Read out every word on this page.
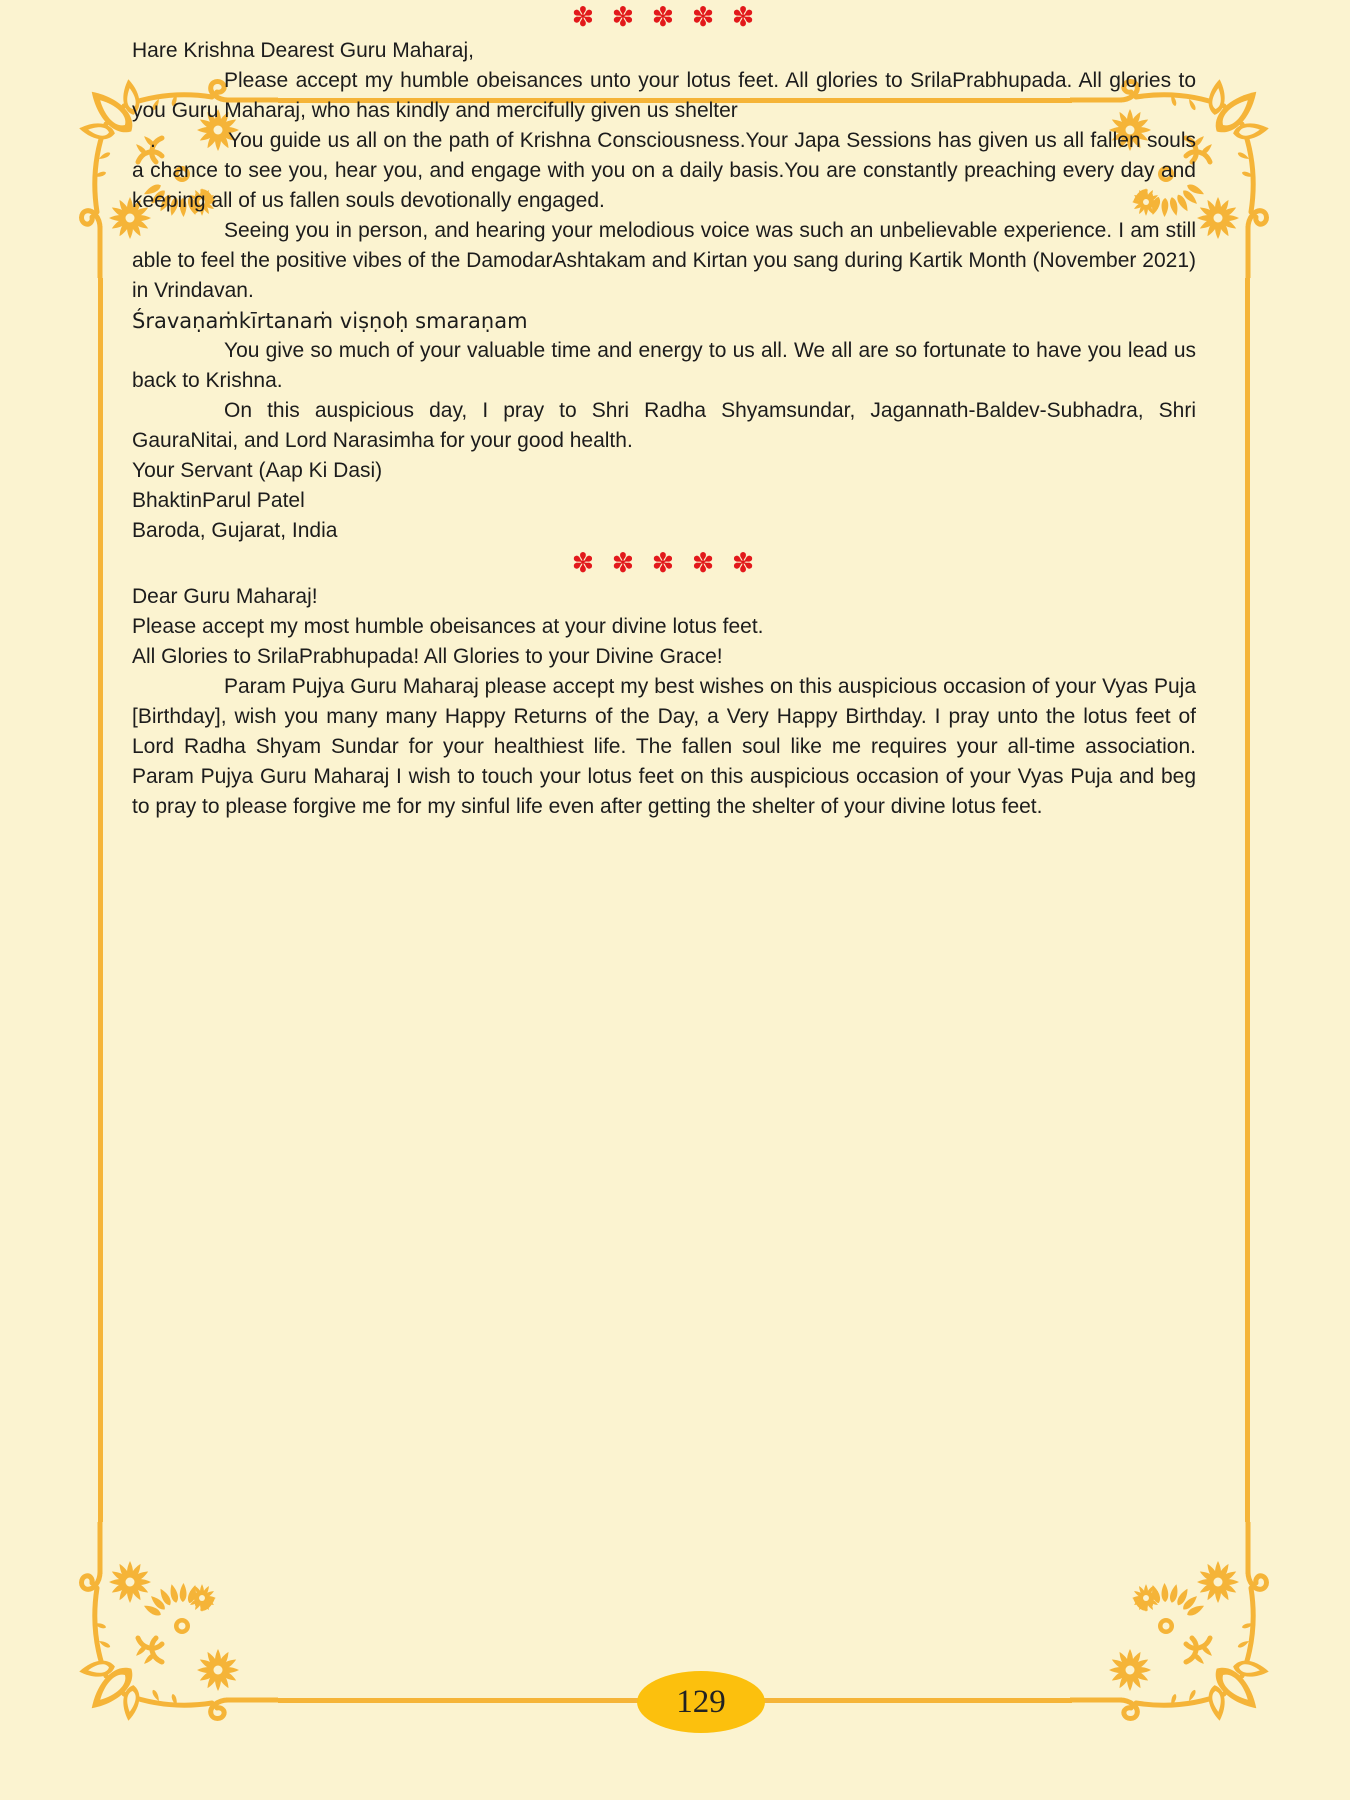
✽ ✽ ✽ ✽ ✽

Hare Krishna Dearest Guru Maharaj,

Please accept my humble obeisances unto your lotus feet. All glories to SrilaPrabhupada. All glories to you Guru Maharaj, who has kindly and mercifully given us shelter

.	You guide us all on the path of Krishna Consciousness.Your Japa Sessions has given us all fallen souls a chance to see you, hear you, and engage with you on a daily basis.You are constantly preaching every day and keeping all of us fallen souls devotionally engaged.

Seeing you in person, and hearing your melodious voice was such an unbelievable experience. I am still able to feel the positive vibes of the DamodarAshtakam and Kirtan you sang during Kartik Month (November 2021) in Vrindavan.

Śravaṇaṁkīrtanaṁ viṣṇoḥ smaraṇam

You give so much of your valuable time and energy to us all. We all are so fortunate to have you lead us back to Krishna.

On this auspicious day, I pray to Shri Radha Shyamsundar, Jagannath-Baldev-Subhadra, Shri GauraNitai, and Lord Narasimha for your good health.

Your Servant (Aap Ki Dasi)

BhaktinParul Patel

Baroda, Gujarat, India

✽ ✽ ✽ ✽ ✽

Dear Guru Maharaj!

Please accept my most humble obeisances at your divine lotus feet.

All Glories to SrilaPrabhupada! All Glories to your Divine Grace!

Param Pujya Guru Maharaj please accept my best wishes on this auspicious occasion of your Vyas Puja [Birthday], wish you many many Happy Returns of the Day, a Very Happy Birthday. I pray unto the lotus feet of Lord Radha Shyam Sundar for your healthiest life. The fallen soul like me requires your all-time association. Param Pujya Guru Maharaj I wish to touch your lotus feet on this auspicious occasion of your Vyas Puja and beg to pray to please forgive me for my sinful life even after getting the shelter of your divine lotus feet.

129
